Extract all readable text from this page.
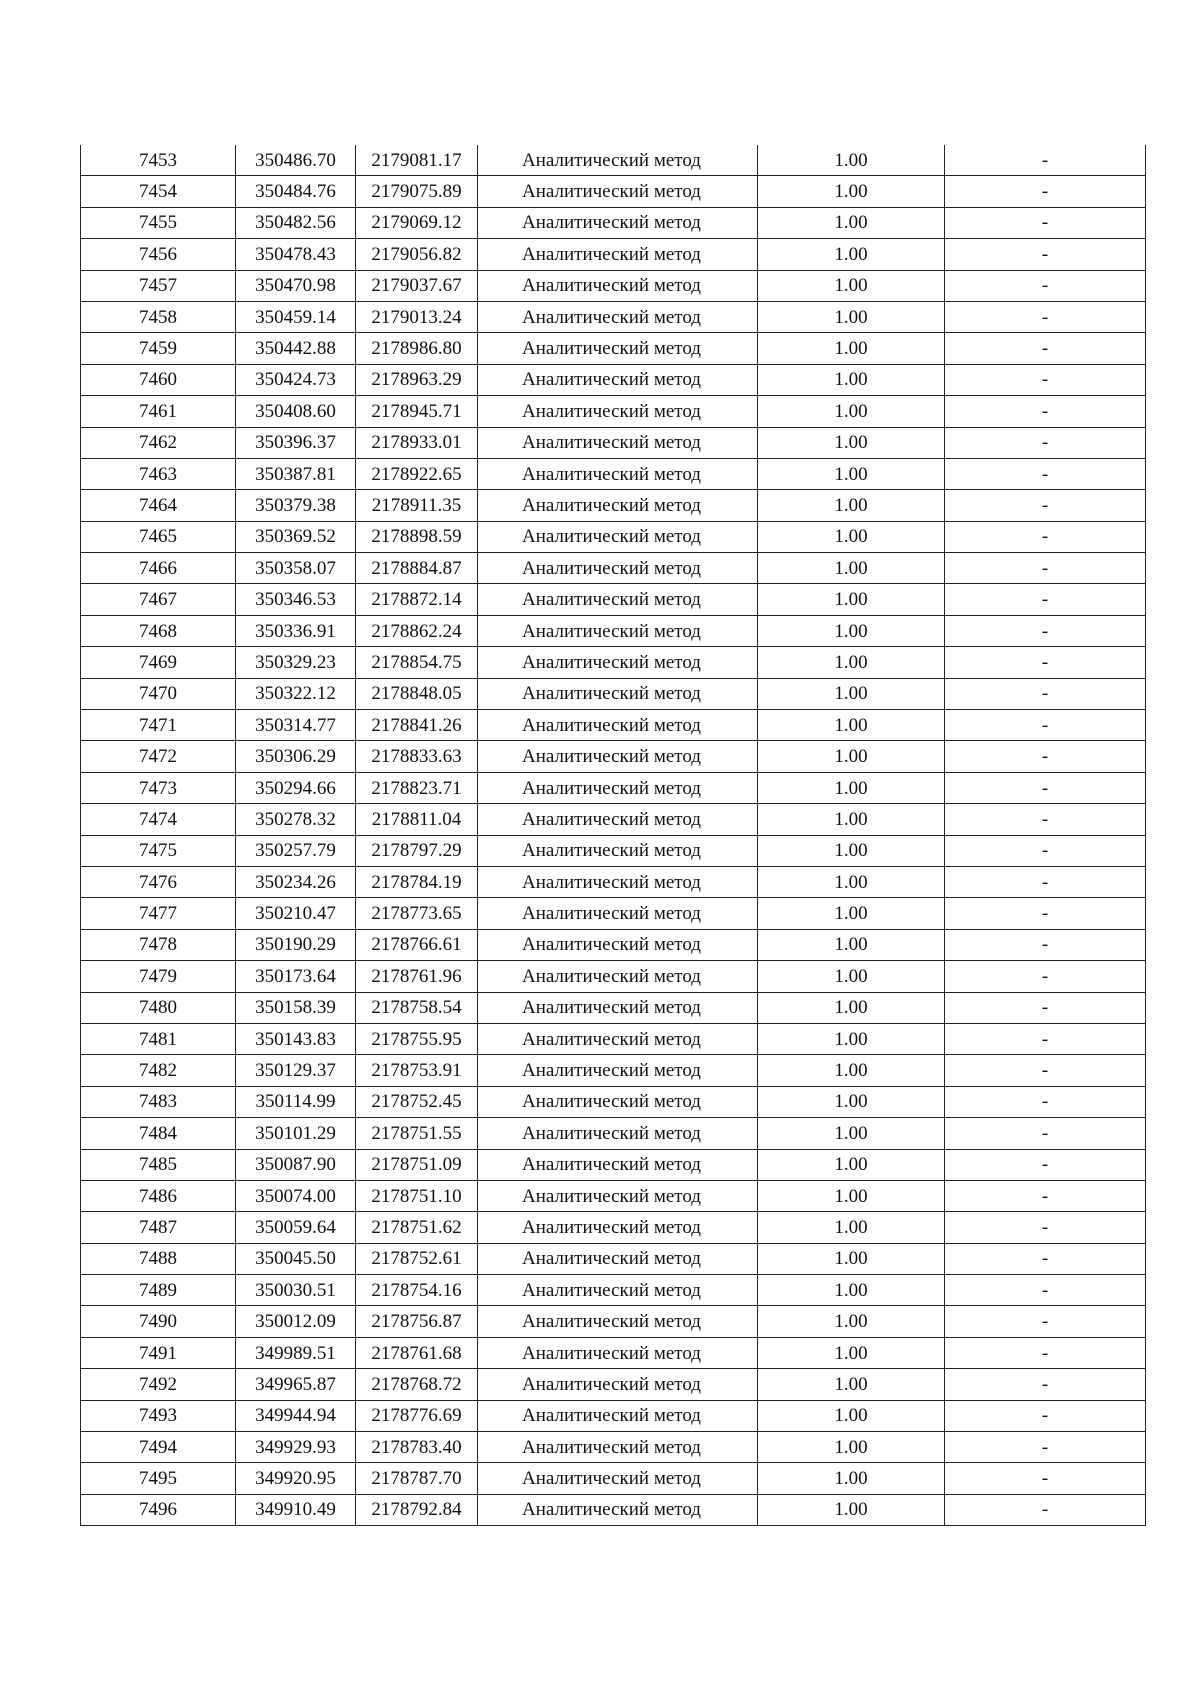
7453	350486.70	2179081.17	Аналитический метод	1.00	-
7454	350484.76	2179075.89	Аналитический метод	1.00	-
7455	350482.56	2179069.12	Аналитический метод	1.00	-
7456	350478.43	2179056.82	Аналитический метод	1.00	-
7457	350470.98	2179037.67	Аналитический метод	1.00	-
7458	350459.14	2179013.24	Аналитический метод	1.00	-
7459	350442.88	2178986.80	Аналитический метод	1.00	-
7460	350424.73	2178963.29	Аналитический метод	1.00	-
7461	350408.60	2178945.71	Аналитический метод	1.00	-
7462	350396.37	2178933.01	Аналитический метод	1.00	-
7463	350387.81	2178922.65	Аналитический метод	1.00	-
7464	350379.38	2178911.35	Аналитический метод	1.00	-
7465	350369.52	2178898.59	Аналитический метод	1.00	-
7466	350358.07	2178884.87	Аналитический метод	1.00	-
7467	350346.53	2178872.14	Аналитический метод	1.00	-
7468	350336.91	2178862.24	Аналитический метод	1.00	-
7469	350329.23	2178854.75	Аналитический метод	1.00	-
7470	350322.12	2178848.05	Аналитический метод	1.00	-
7471	350314.77	2178841.26	Аналитический метод	1.00	-
7472	350306.29	2178833.63	Аналитический метод	1.00	-
7473	350294.66	2178823.71	Аналитический метод	1.00	-
7474	350278.32	2178811.04	Аналитический метод	1.00	-
7475	350257.79	2178797.29	Аналитический метод	1.00	-
7476	350234.26	2178784.19	Аналитический метод	1.00	-
7477	350210.47	2178773.65	Аналитический метод	1.00	-
7478	350190.29	2178766.61	Аналитический метод	1.00	-
7479	350173.64	2178761.96	Аналитический метод	1.00	-
7480	350158.39	2178758.54	Аналитический метод	1.00	-
7481	350143.83	2178755.95	Аналитический метод	1.00	-
7482	350129.37	2178753.91	Аналитический метод	1.00	-
7483	350114.99	2178752.45	Аналитический метод	1.00	-
7484	350101.29	2178751.55	Аналитический метод	1.00	-
7485	350087.90	2178751.09	Аналитический метод	1.00	-
7486	350074.00	2178751.10	Аналитический метод	1.00	-
7487	350059.64	2178751.62	Аналитический метод	1.00	-
7488	350045.50	2178752.61	Аналитический метод	1.00	-
7489	350030.51	2178754.16	Аналитический метод	1.00	-
7490	350012.09	2178756.87	Аналитический метод	1.00	-
7491	349989.51	2178761.68	Аналитический метод	1.00	-
7492	349965.87	2178768.72	Аналитический метод	1.00	-
7493	349944.94	2178776.69	Аналитический метод	1.00	-
7494	349929.93	2178783.40	Аналитический метод	1.00	-
7495	349920.95	2178787.70	Аналитический метод	1.00	-
7496	349910.49	2178792.84	Аналитический метод	1.00	-
